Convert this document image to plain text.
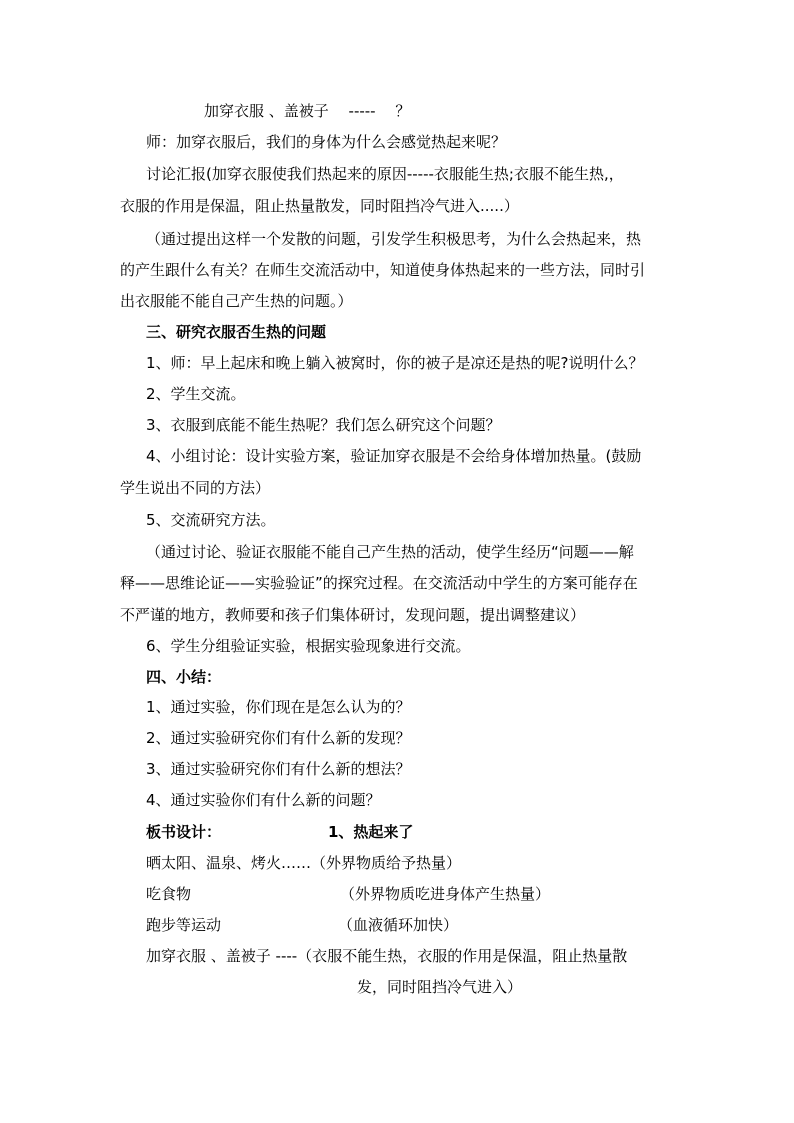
加穿衣服 、盖被子　 -----　 ？
师：加穿衣服后，我们的身体为什么会感觉热起来呢？
讨论汇报(加穿衣服使我们热起来的原因-----衣服能生热;衣服不能生热,，
衣服的作用是保温，阻止热量散发，同时阻挡冷气进入.....）
（通过提出这样一个发散的问题，引发学生积极思考，为什么会热起来，热
的产生跟什么有关？在师生交流活动中，知道使身体热起来的一些方法，同时引
出衣服能不能自己产生热的问题。）
三、研究衣服否生热的问题
1、师：早上起床和晚上躺入被窝时，你的被子是凉还是热的呢?说明什么？
2、学生交流。
3、衣服到底能不能生热呢？我们怎么研究这个问题？
4、小组讨论：设计实验方案，验证加穿衣服是不会给身体增加热量。(鼓励
学生说出不同的方法）
5、交流研究方法。
（通过讨论、验证衣服能不能自己产生热的活动，使学生经历“问题——解
释——思维论证——实验验证”的探究过程。在交流活动中学生的方案可能存在
不严谨的地方，教师要和孩子们集体研讨，发现问题，提出调整建议）
6、学生分组验证实验，根据实验现象进行交流。
四、小结：
1、通过实验，你们现在是怎么认为的？
2、通过实验研究你们有什么新的发现？
3、通过实验研究你们有什么新的想法？
4、通过实验你们有什么新的问题？
板书设计：	1、热起来了
晒太阳、温泉、烤火……（外界物质给予热量）
吃食物	（外界物质吃进身体产生热量）
跑步等运动	（血液循环加快）
加穿衣服 、盖被子 ----（衣服不能生热，衣服的作用是保温，阻止热量散
发，同时阻挡冷气进入）
